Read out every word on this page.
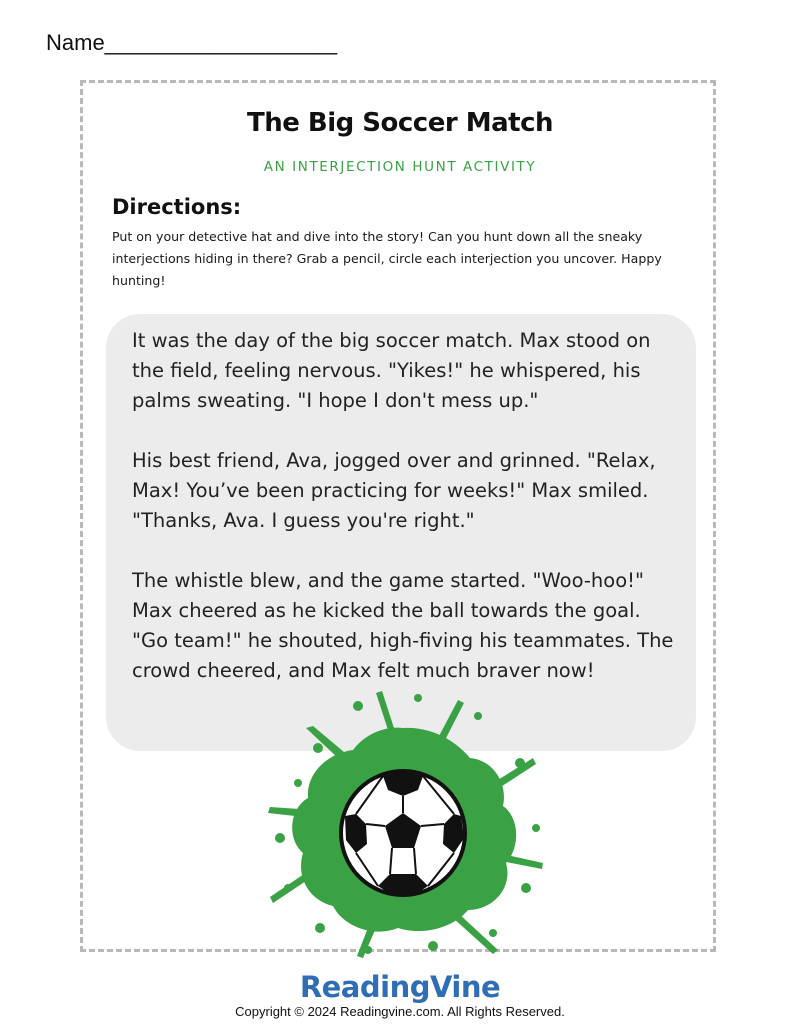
Name___________________
The Big Soccer Match
AN INTERJECTION HUNT ACTIVITY
Directions:
Put on your detective hat and dive into the story! Can you hunt down all the sneaky interjections hiding in there? Grab a pencil, circle each interjection you uncover. Happy hunting!

It was the day of the big soccer match. Max stood on the field, feeling nervous. "Yikes!" he whispered, his palms sweating. "I hope I don't mess up."

His best friend, Ava, jogged over and grinned. "Relax, Max! You’ve been practicing for weeks!" Max smiled. "Thanks, Ava. I guess you're right."

The whistle blew, and the game started. "Woo-hoo!" Max cheered as he kicked the ball towards the goal. "Go team!" he shouted, high-fiving his teammates. The crowd cheered, and Max felt much braver now!

ReadingVine
Copyright © 2024 Readingvine.com. All Rights Reserved.
